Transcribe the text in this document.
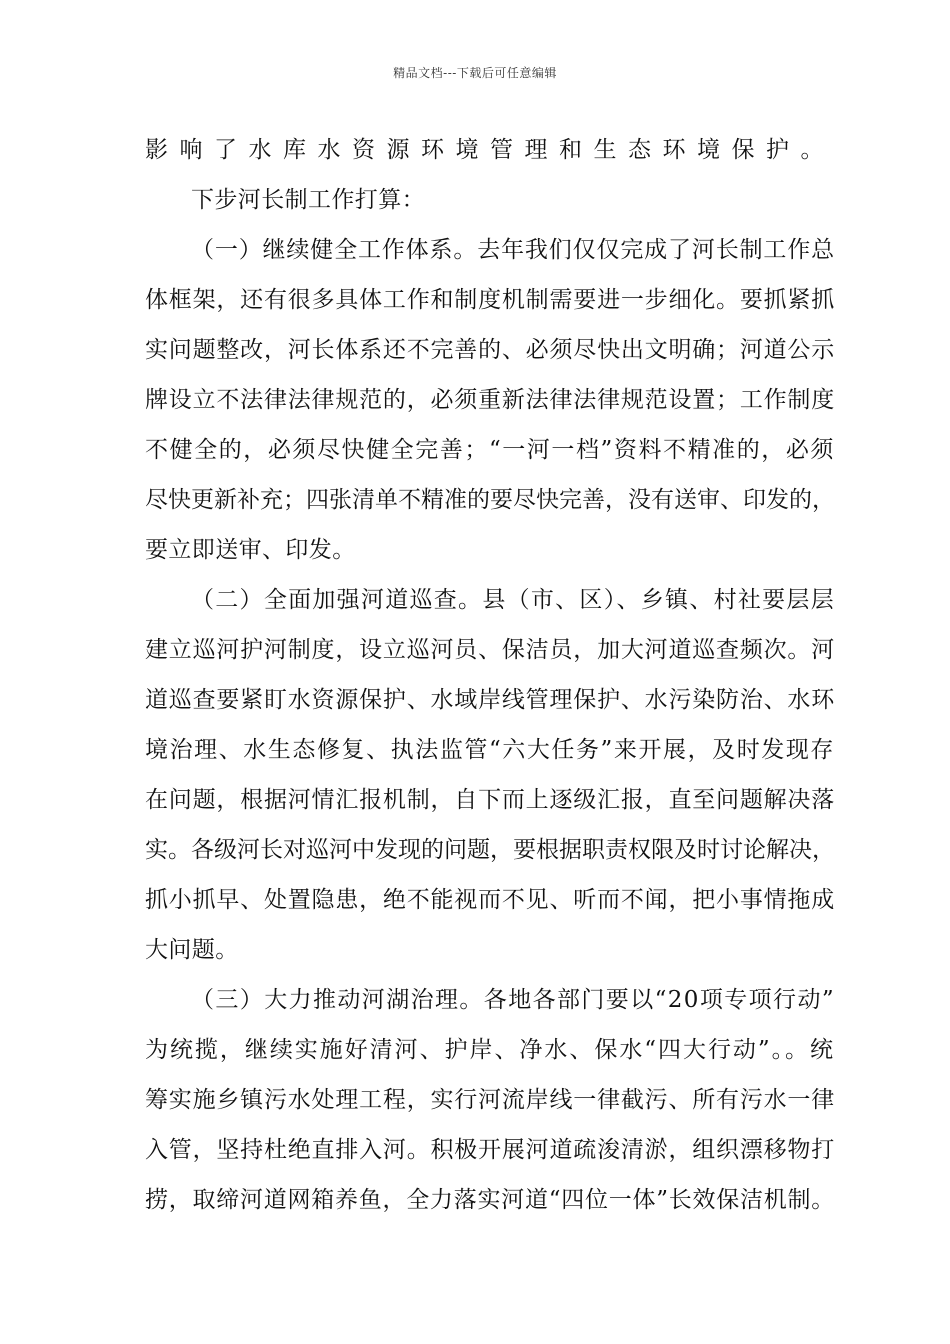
精品文档---下载后可任意编辑
影响了水库水资源环境管理和生态环境保护。
下步河长制工作打算：
（一）继续健全工作体系。去年我们仅仅完成了河长制工作总
体框架，还有很多具体工作和制度机制需要进一步细化。要抓紧抓
实问题整改，河长体系还不完善的、必须尽快出文明确；河道公示
牌设立不法律法律规范的，必须重新法律法律规范设置；工作制度
不健全的，必须尽快健全完善；“一河一档”资料不精准的，必须
尽快更新补充；四张清单不精准的要尽快完善，没有送审、印发的，
要立即送审、印发。
（二）全面加强河道巡查。县（市、区）、乡镇、村社要层层
建立巡河护河制度，设立巡河员、保洁员，加大河道巡查频次。河
道巡查要紧盯水资源保护、水域岸线管理保护、水污染防治、水环
境治理、水生态修复、执法监管“六大任务”来开展，及时发现存
在问题，根据河情汇报机制，自下而上逐级汇报，直至问题解决落
实。各级河长对巡河中发现的问题，要根据职责权限及时讨论解决，
抓小抓早、处置隐患，绝不能视而不见、听而不闻，把小事情拖成
大问题。
（三）大力推动河湖治理。各地各部门要以“20项专项行动”
为统揽，继续实施好清河、护岸、净水、保水“四大行动”。。统
筹实施乡镇污水处理工程，实行河流岸线一律截污、所有污水一律
入管，坚持杜绝直排入河。积极开展河道疏浚清淤，组织漂移物打
捞，取缔河道网箱养鱼，全力落实河道“四位一体”长效保洁机制。
